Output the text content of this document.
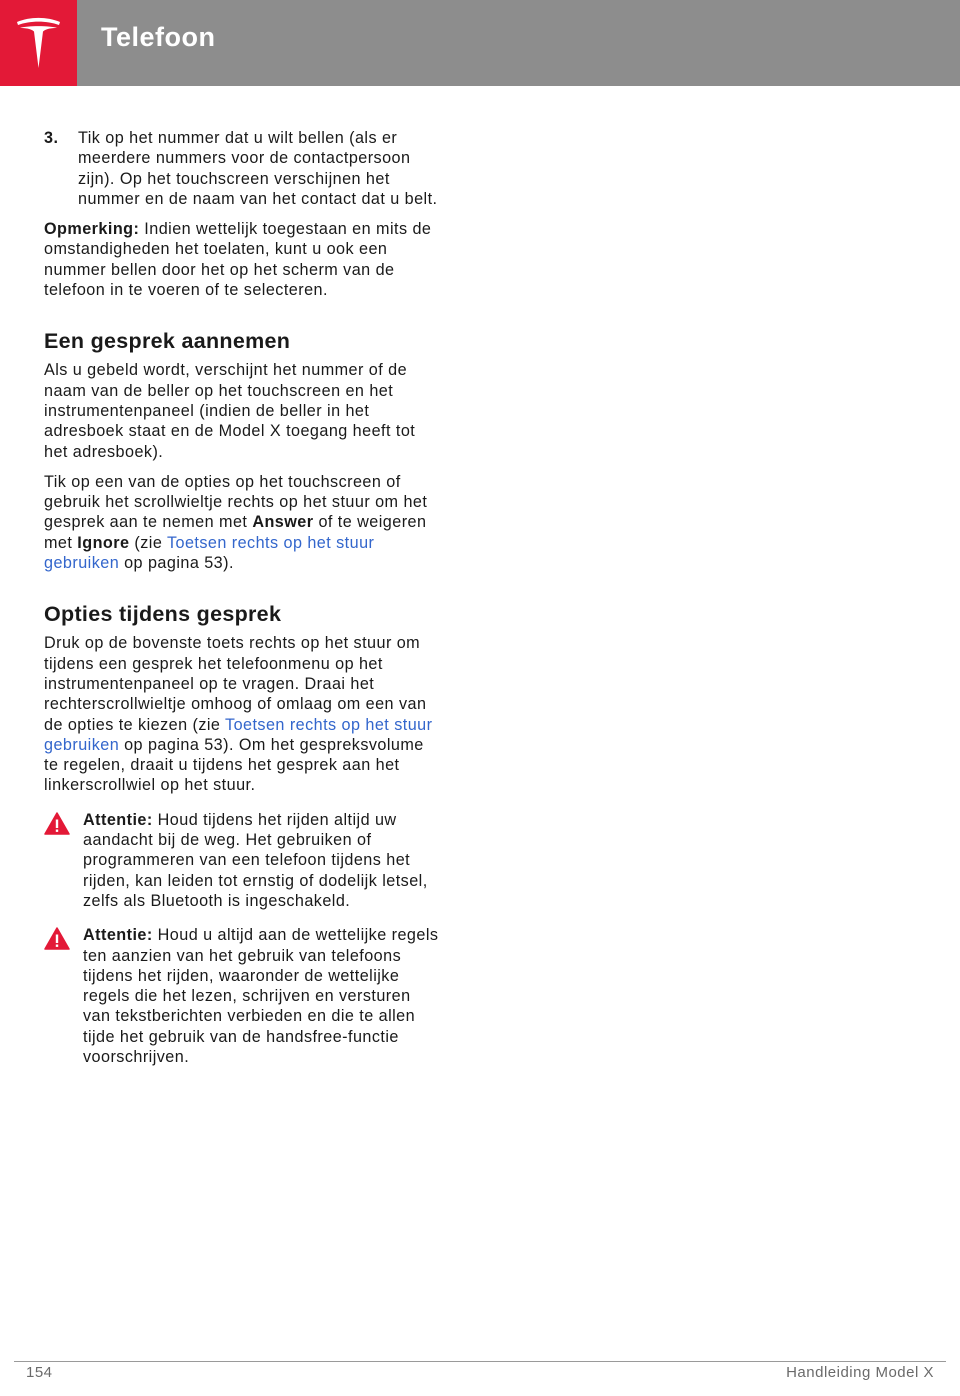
Telefoon
3.	Tik op het nummer dat u wilt bellen (als er meerdere nummers voor de contactpersoon zijn). Op het touchscreen verschijnen het nummer en de naam van het contact dat u belt.

Opmerking: Indien wettelijk toegestaan en mits de omstandigheden het toelaten, kunt u ook een nummer bellen door het op het scherm van de telefoon in te voeren of te selecteren.

Een gesprek aannemen

Als u gebeld wordt, verschijnt het nummer of de naam van de beller op het touchscreen en het instrumentenpaneel (indien de beller in het adresboek staat en de Model X toegang heeft tot het adresboek).

Tik op een van de opties op het touchscreen of gebruik het scrollwieltje rechts op het stuur om het gesprek aan te nemen met Answer of te weigeren met Ignore (zie Toetsen rechts op het stuur gebruiken op pagina 53).

Opties tijdens gesprek

Druk op de bovenste toets rechts op het stuur om tijdens een gesprek het telefoonmenu op het instrumentenpaneel op te vragen. Draai het rechterscrollwieltje omhoog of omlaag om een van de opties te kiezen (zie Toetsen rechts op het stuur gebruiken op pagina 53). Om het gespreksvolume te regelen, draait u tijdens het gesprek aan het linkerscrollwiel op het stuur.

Attentie: Houd tijdens het rijden altijd uw aandacht bij de weg. Het gebruiken of programmeren van een telefoon tijdens het rijden, kan leiden tot ernstig of dodelijk letsel, zelfs als Bluetooth is ingeschakeld.
Attentie: Houd u altijd aan de wettelijke regels ten aanzien van het gebruik van telefoons tijdens het rijden, waaronder de wettelijke regels die het lezen, schrijven en versturen van tekstberichten verbieden en die te allen tijde het gebruik van de handsfree-functie voorschrijven.
154	Handleiding Model X
